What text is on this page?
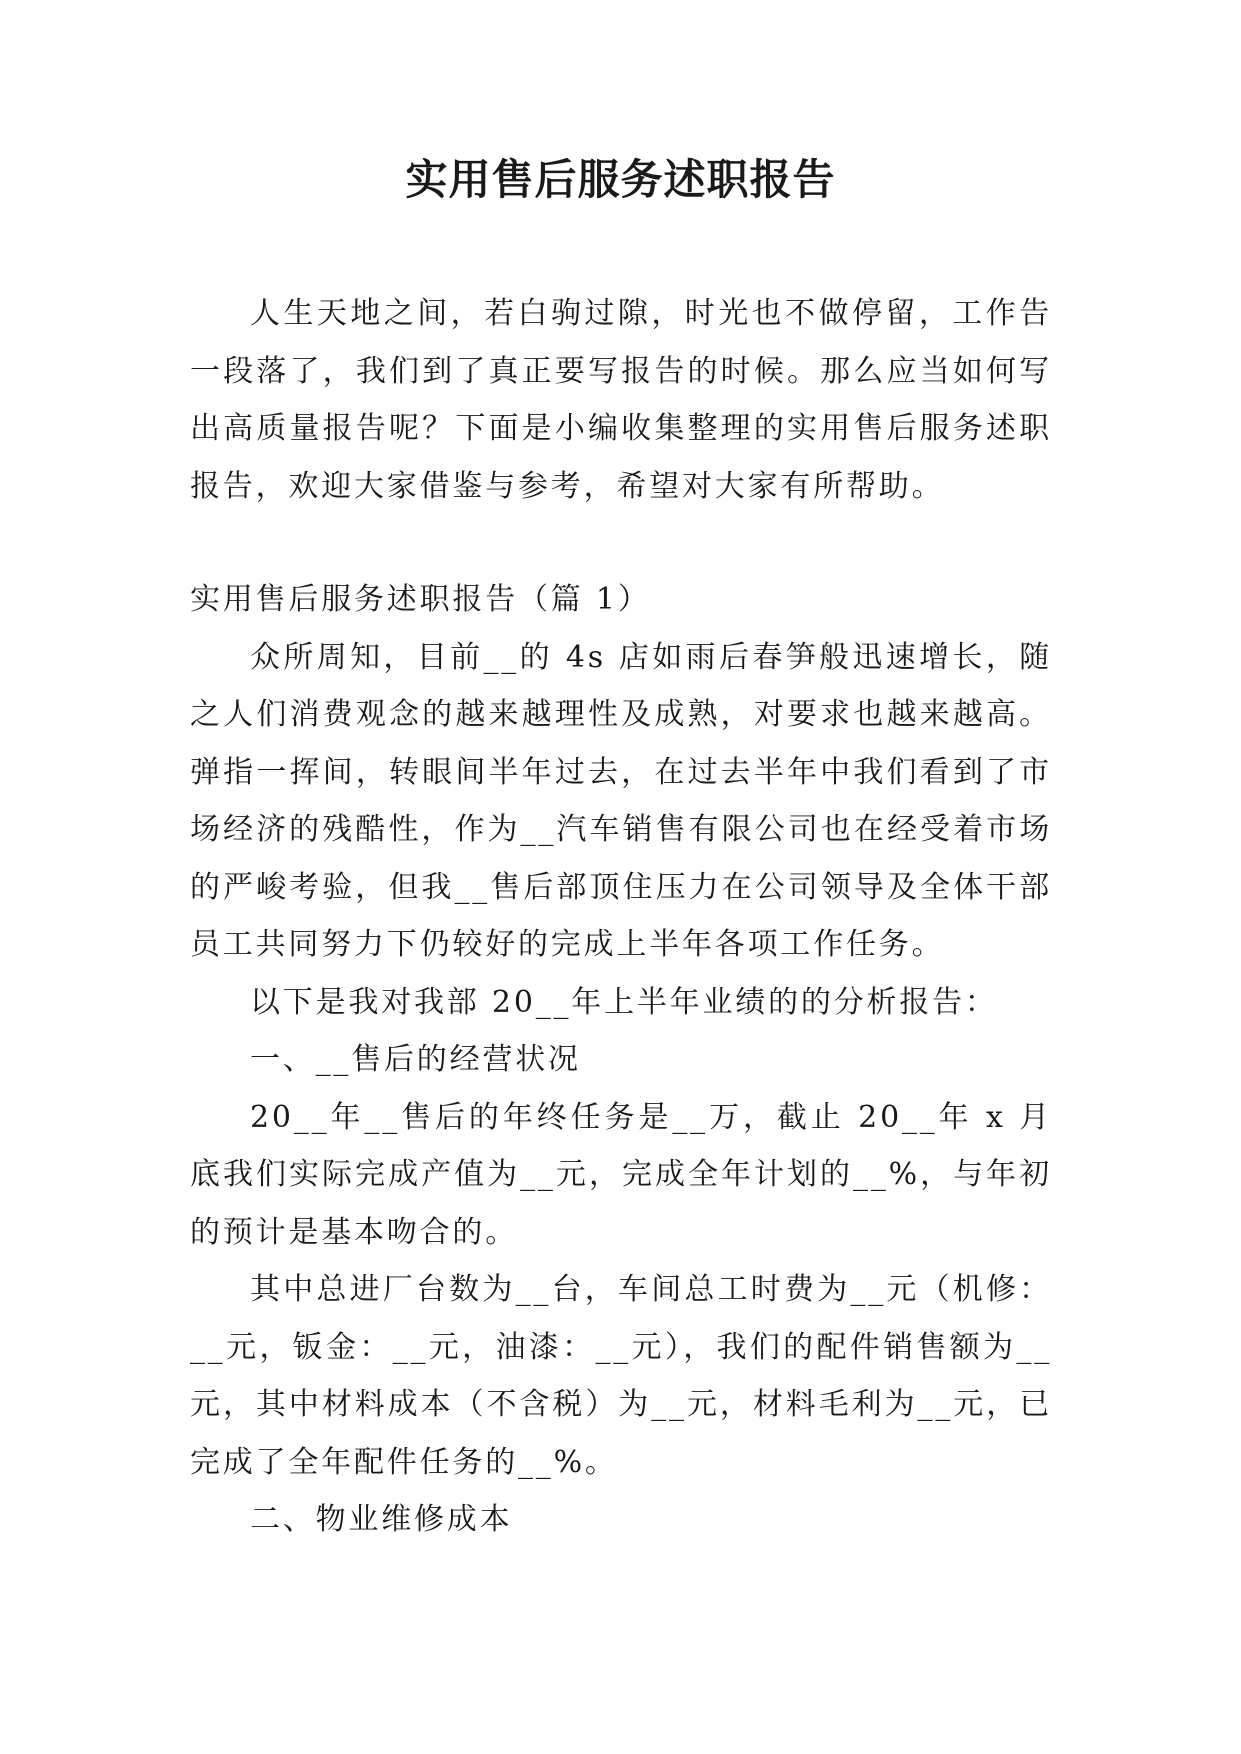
实用售后服务述职报告

人生天地之间，若白驹过隙，时光也不做停留，工作告一段落了，我们到了真正要写报告的时候。那么应当如何写出高质量报告呢？下面是小编收集整理的实用售后服务述职报告，欢迎大家借鉴与参考，希望对大家有所帮助。

实用售后服务述职报告（篇 1）

众所周知，目前__的 4s 店如雨后春笋般迅速增长，随之人们消费观念的越来越理性及成熟，对要求也越来越高。弹指一挥间，转眼间半年过去，在过去半年中我们看到了市场经济的残酷性，作为__汽车销售有限公司也在经受着市场的严峻考验，但我__售后部顶住压力在公司领导及全体干部员工共同努力下仍较好的完成上半年各项工作任务。

以下是我对我部 20__年上半年业绩的的分析报告：

一、__售后的经营状况

20__年__售后的年终任务是__万，截止 20__年 x 月底我们实际完成产值为__元，完成全年计划的__%，与年初的预计是基本吻合的。

其中总进厂台数为__台，车间总工时费为__元（机修：__元，钣金：__元，油漆：__元），我们的配件销售额为__元，其中材料成本（不含税）为__元，材料毛利为__元，已完成了全年配件任务的__%。

二、物业维修成本
